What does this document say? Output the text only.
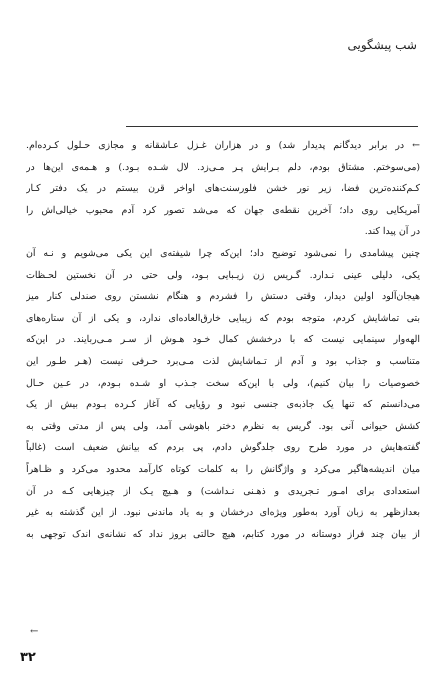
شب پیشگویی
← در برابر دیدگانم پدیدار شد) و در هزاران غـزل عـاشقانه و مجازی حـلول کـرده‌ام.
(می‌سوختم. مشتاق بودم، دلم بـرایش پـر مـی‌زد. لال شـده بـود.) و هـمه‌ی این‌ها در
کـم‌کننده‌ترین فضا، زیر نور خشن فلورسنت‌های اواخر قرن بیستم در یک دفتر کـار
آمریکایی روی داد؛ آخرین نقطه‌ی جهان که می‌شد تصور کرد آدم محبوب خیالی‌اش را
در آن پیدا کند.
چنین پیشامدی را نمی‌شود توضیح داد؛ این‌که چرا شیفته‌ی این یکی می‌شویم و نـه آن
یکی، دلیلی عینی نـدارد. گـریس زن زیـبایی بـود، ولی حتی در آن نخستین لحـظات
هیجان‌آلود اولین دیدار، وقتی دستش را فشردم و هنگام نشستن روی صندلی کنار میز
بتی تماشایش کردم، متوجه بودم که زیبایی خارق‌العاده‌ای ندارد، و یکی از آن ستاره‌های
الهه‌وار سینمایی نیست که با درخشش کمال خـود هـوش از سـر مـی‌ربایند. در این‌که
متناسب و جذاب بود و آدم از تـماشایش لذت مـی‌برد حـرفی نیست (هـر طـور این
خصوصیات را بیان کنیم)، ولی با این‌که سخت جـذب او شـده بـودم، در عـین حـال
می‌دانستم که تنها یک جاذبه‌ی جنسی نبود و رؤیایی که آغاز کـرده بـودم بیش از یک
کشش حیوانی آنی بود. گریس به نظرم دختر باهوشی آمد، ولی پس از مدتی وقتی به
گفته‌هایش در مورد طرح روی جلدگوش دادم، پی بردم که بیانش ضعیف است (غالباً
میان اندیشه‌هاگیر می‌کرد و واژگانش را به کلمات کوتاه کارآمد محدود می‌کرد و ظـاهراً
استعدادی برای امـور تـجریدی و ذهـنی نـداشت) و هـیچ یـک از چیزهایی کـه در آن
بعدازظهر به زبان آورد به‌طور ویژه‌ای درخشان و به یاد ماندنی نبود. از این گذشته به غیر
از بیان چند فراز دوستانه در مورد کتابم، هیچ حالتی بروز نداد که نشانه‌ی اندک توجهی به
←
۳۲
